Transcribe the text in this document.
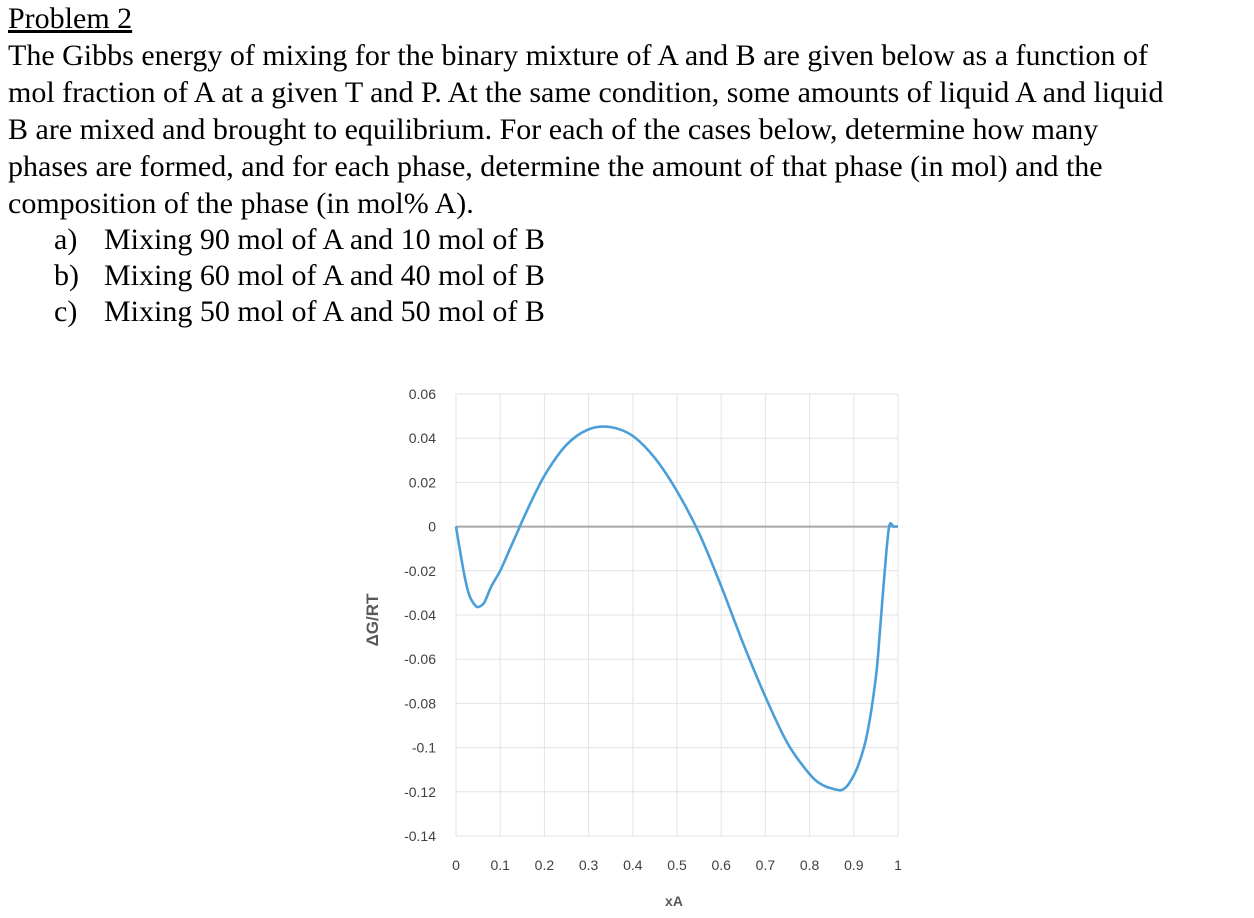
Problem 2
The Gibbs energy of mixing for the binary mixture of A and B are given below as a function of
mol fraction of A at a given T and P. At the same condition, some amounts of liquid A and liquid
B are mixed and brought to equilibrium. For each of the cases below, determine how many
phases are formed, and for each phase, determine the amount of that phase (in mol) and the
composition of the phase (in mol% A).
a) Mixing 90 mol of A and 10 mol of B
b) Mixing 60 mol of A and 40 mol of B
c) Mixing 50 mol of A and 50 mol of B
0.06
0.04
0.02
0
-0.02
-0.04
-0.06
-0.08
-0.1
-0.12
-0.14
0 0.1 0.2 0.3 0.4 0.5 0.6 0.7 0.8 0.9 1
ΔG/RT
xA
